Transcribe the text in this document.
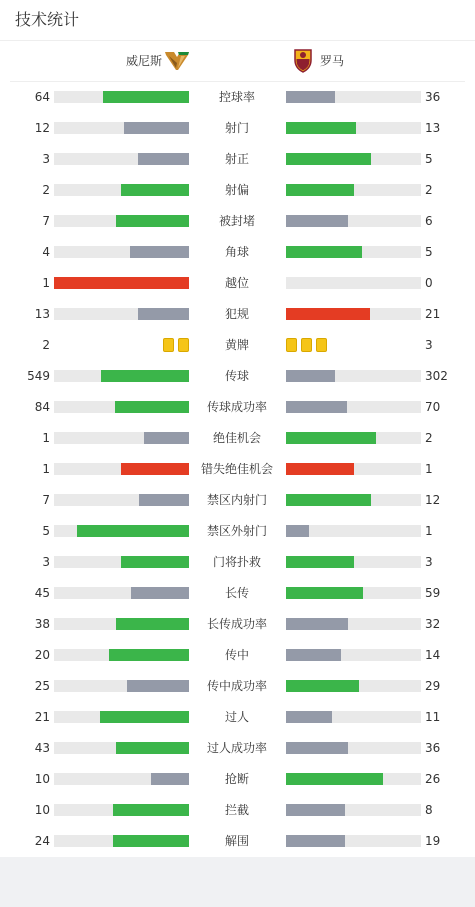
技术统计
威尼斯	罗马
64	控球率	36
12	射门	13
3	射正	5
2	射偏	2
7	被封堵	6
4	角球	5
1	越位	0
13	犯规	21
2	黄牌	3
549	传球	302
84	传球成功率	70
1	绝佳机会	2
1	错失绝佳机会	1
7	禁区内射门	12
5	禁区外射门	1
3	门将扑救	3
45	长传	59
38	长传成功率	32
20	传中	14
25	传中成功率	29
21	过人	11
43	过人成功率	36
10	抢断	26
10	拦截	8
24	解围	19
